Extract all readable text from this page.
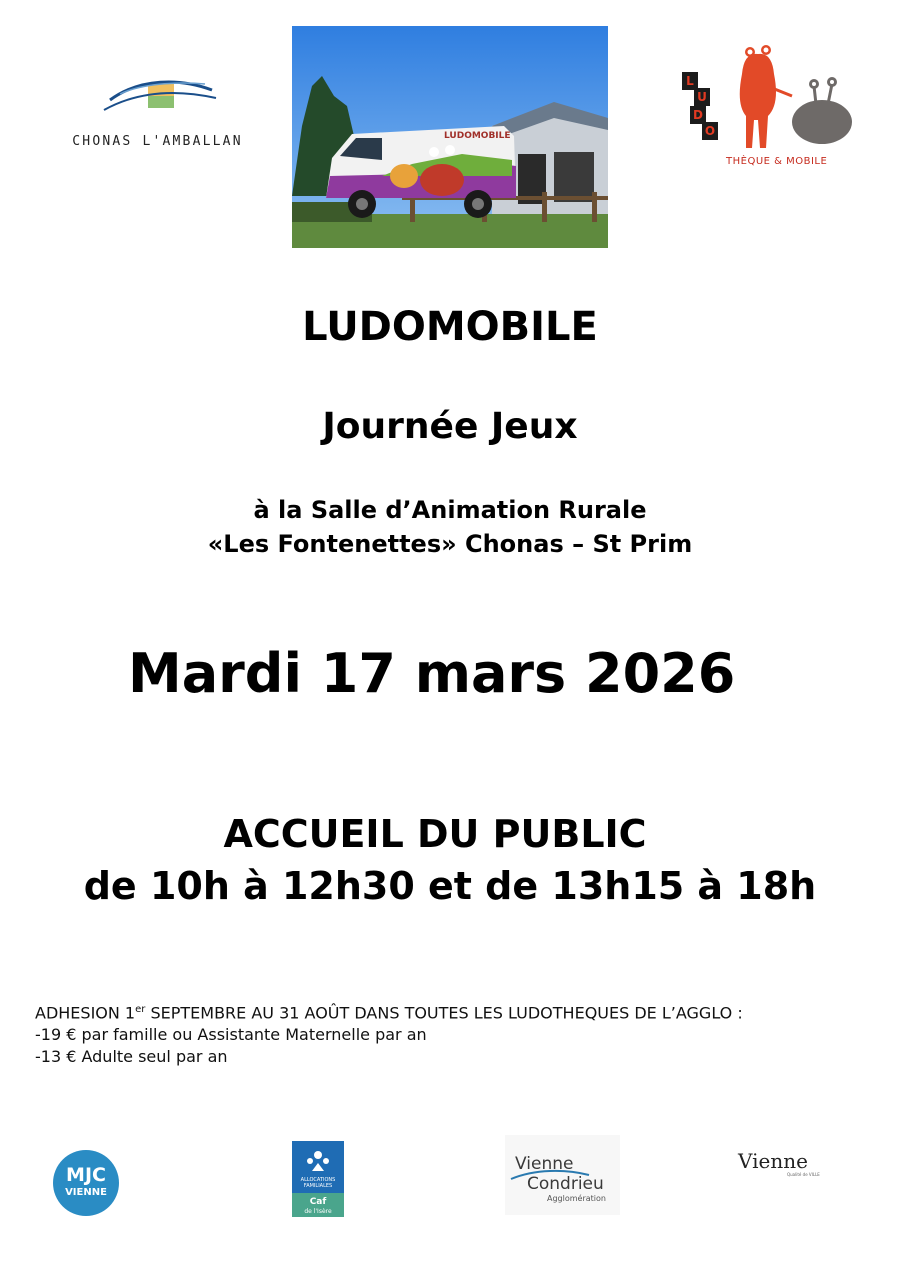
CHONAS L'AMBALLAN	LUDOMOBILE
L
U
D
O
THÈQUE & MOBILE
LUDOMOBILE
Journée Jeux
à la Salle d’Animation Rurale
«Les Fontenettes» Chonas – St Prim
Mardi 17 mars 2026
ACCUEIL DU PUBLIC
de 10h à 12h30 et de 13h15 à 18h
ADHESION 1er SEPTEMBRE AU 31 AOÛT DANS TOUTES LES LUDOTHEQUES DE L’AGGLO :
-19 € par famille ou Assistante Maternelle par an
-13 € Adulte seul par an
MJC
VIENNE
ALLOCATIONS
FAMILIALES
Caf
de l'Isère
Vienne
Condrieu
Agglomération
Vienne
Qualité de VILLE
